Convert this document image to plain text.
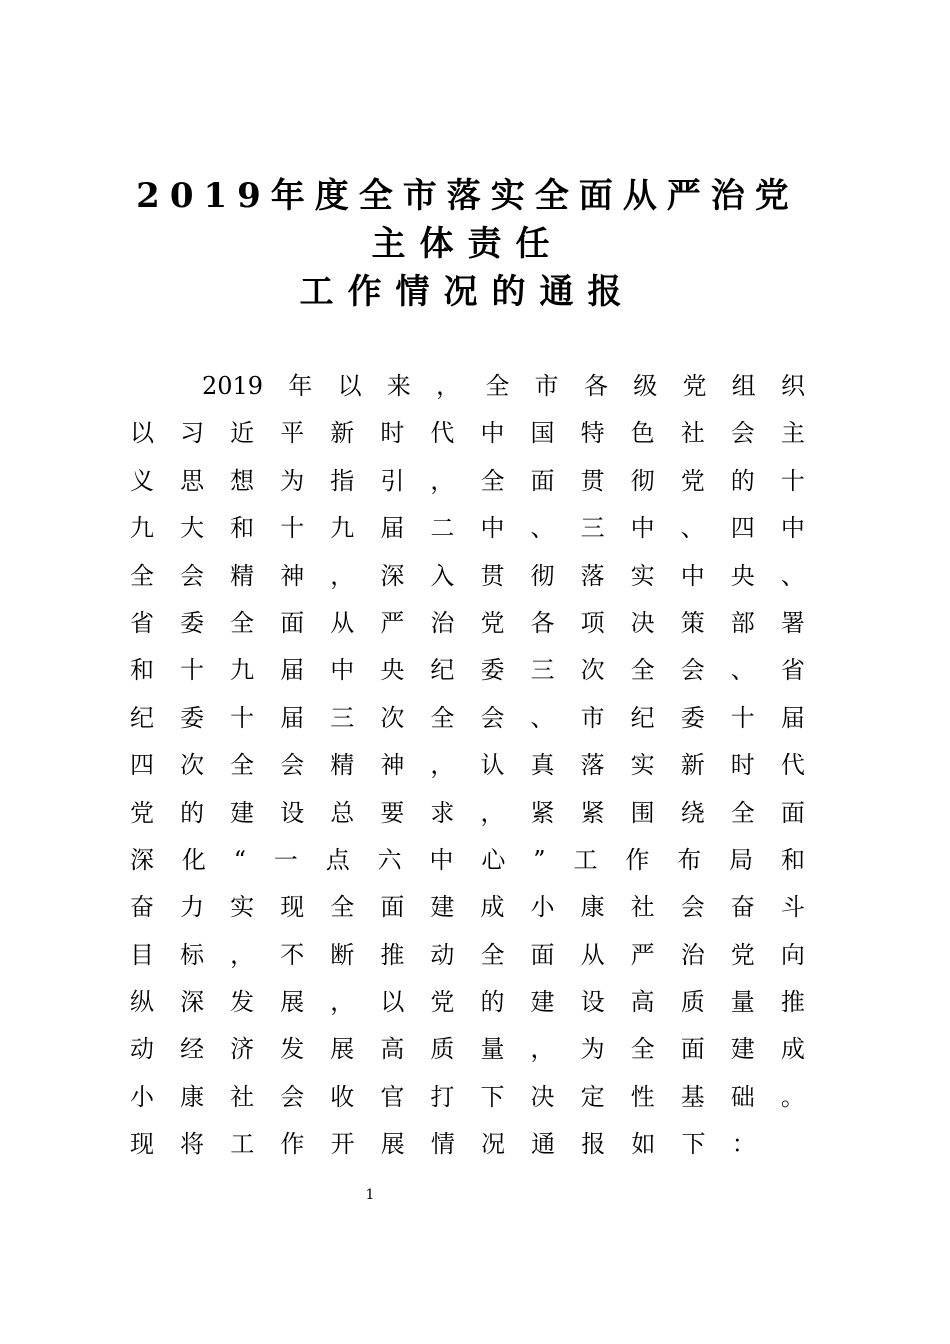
2019年度全市落实全面从严治党
主体责任
工作情况的通报
2019 年 以 来 ， 全 市 各 级 党 组 织
以 习 近 平 新 时 代 中 国 特 色 社 会 主
义 思 想 为 指 引 ， 全 面 贯 彻 党 的 十
九 大 和 十 九 届 二 中 、 三 中 、 四 中
全 会 精 神 ， 深 入 贯 彻 落 实 中 央 、
省 委 全 面 从 严 治 党 各 项 决 策 部 署
和 十 九 届 中 央 纪 委 三 次 全 会 、 省
纪 委 十 届 三 次 全 会 、 市 纪 委 十 届
四 次 全 会 精 神 ， 认 真 落 实 新 时 代
党 的 建 设 总 要 求 ， 紧 紧 围 绕 全 面
深 化 “ 一 点 六 中 心 ” 工 作 布 局 和
奋 力 实 现 全 面 建 成 小 康 社 会 奋 斗
目 标 ， 不 断 推 动 全 面 从 严 治 党 向
纵 深 发 展 ， 以 党 的 建 设 高 质 量 推
动 经 济 发 展 高 质 量 ， 为 全 面 建 成
小 康 社 会 收 官 打 下 决 定 性 基 础 。
现	将	工	作	开	展	情	况	通	报	如	下	：
1
